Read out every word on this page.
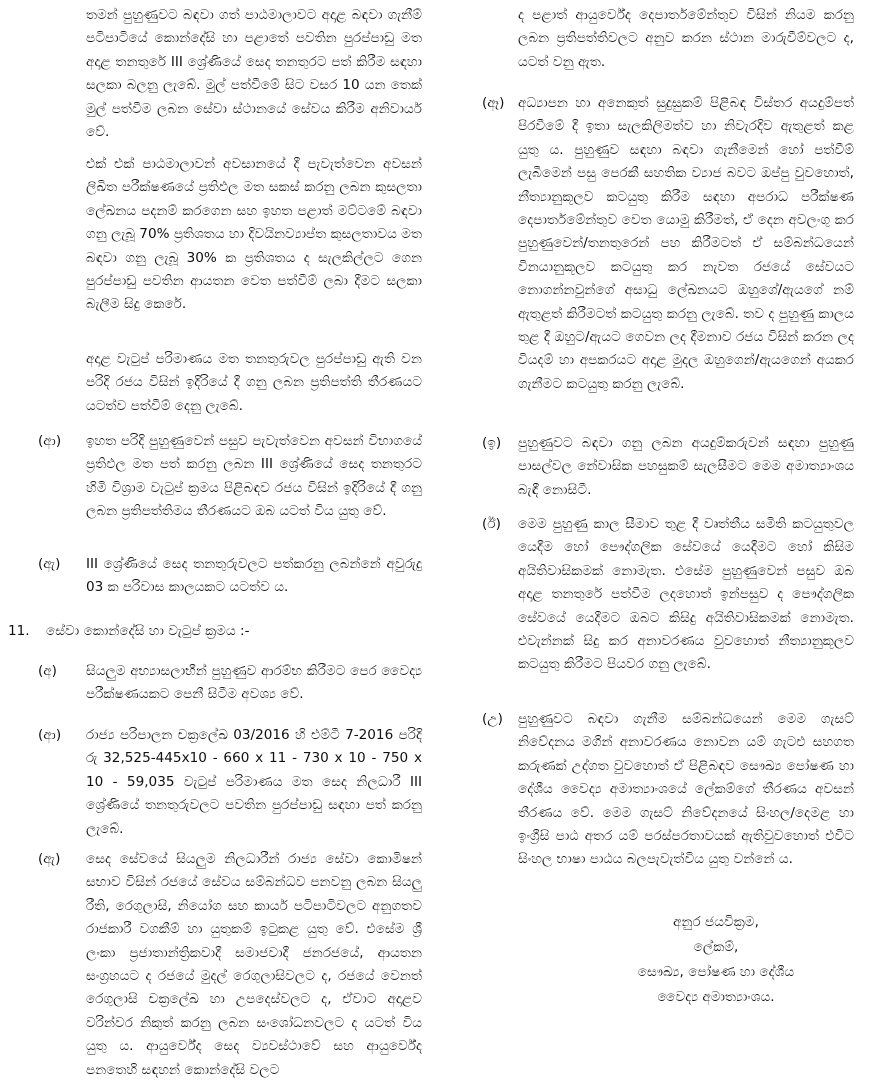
තමන් පුහුණුවට බඳවා ගත් පාඨමාලාවට අදාළ බඳවා ගැනීම් පටිපාටියේ කොන්දේසි හා පළාතේ පවතින පුරප්පාඩු මත අදාළ තනතුරේ III ශ්‍රේණියේ සෙද තනතුරට පත් කිරීම සඳහා සලකා බලනු ලැබේ. මුල් පත්වීමේ සිට වසර 10 යන තෙක් මුල් පත්වීම ලබන සේවා ස්ථානයේ සේවය කිරීම අනිවාර්ය වේ.

එක් එක් පාඨමාලාවන් අවසානයේ දී පැවැත්වෙන අවසන් ලිඛිත පරීක්ෂණයේ ප්‍රතිඵල මත සකස් කරනු ලබන කුසලතා ලේඛනය පදනම් කරගෙන සහ ඉහත පළාත් මට්ටමේ බඳවා ගනු ලැබූ 70% ප්‍රතිශතය හා දිවයිනව්‍යාප්ත කුසලතාවය මත බඳවා ගනු ලැබූ 30% ක ප්‍රතිශතය ද සැලකිල්ලට ගෙන පුරප්පාඩු පවතින ආයතන වෙත පත්වීම් ලබා දීමට සලකා බැලීම සිදු කෙරේ.

අදාළ වැටුප් පරිමාණය මත තනතුරුවල පුරප්පාඩු ඇති වන පරිදි රජය විසින් ඉදිරියේ දී ගනු ලබන ප්‍රතිපත්ති තීරණයට යටත්ව පත්වීම් දෙනු ලැබේ.

(ආ) ඉහත පරිදි පුහුණුවෙන් පසුව පැවැත්වෙන අවසන් විභාගයේ ප්‍රතිඵල මත පත් කරනු ලබන III ශ්‍රේණියේ සෙද තනතුරට හිමි විශ්‍රාම වැටුප් ක්‍රමය පිළිබඳව රජය විසින් ඉදිරියේ දී ගනු ලබන ප්‍රතිපත්තිමය තීරණයට ඔබ යටත් විය යුතු වේ.

(ඇ) III ශ්‍රේණියේ සෙද තනතුරුවලට පත්කරනු ලබන්නේ අවුරුදු 03 ක පරිවාස කාලයකට යටත්ව ය.

11. සේවා කොන්දේසි හා වැටුප් ක්‍රමය :-
(අ) සියලුම අභ්‍යාසලාභීන් පුහුණුව ආරම්භ කිරීමට පෙර වෛද්‍ය පරීක්ෂණයකට පෙනී සිටීම අවශ්‍ය වේ.

(ආ) රාජ්‍ය පරිපාලන චක්‍රලේඛ 03/2016 හි එම්ටී 7-2016 පරිදි රු 32,525-445x10 - 660 x 11 - 730 x 10 - 750 x 10 - 59,035 වැටුප් පරිමාණය මත සෙද නිලධාරී III ශ්‍රේණියේ තනතුරුවලට පවතින පුරප්පාඩු සඳහා පත් කරනු ලැබේ.

(ඇ) සෙද සේවයේ සියලුම නිලධාරීන් රාජ්‍ය සේවා කොමිෂන් සභාව විසින් රජයේ සේවය සම්බන්ධව පනවනු ලබන සියලු රීති, රෙගුලාසි, නියෝග සහ කාර්ය පටිපාටිවලට අනුගතව රාජකාරී වගකීම් හා යුතුකම් ඉටුකළ යුතු වේ. එසේම ශ්‍රී ලංකා ප්‍රජාතාන්ත්‍රිකවාදී සමාජවාදී ජනරජයේ, ආයතන සංග්‍රහයට ද රජයේ මුදල් රෙගුලාසිවලට ද, රජයේ වෙනත් රෙගුලාසි චක්‍රලේඛ හා උපදෙස්වලට ද, ඒවාට අදාළව වරින්වර නිකුත් කරනු ලබන සංශෝධනවලට ද යටත් විය යුතු ය. ආයුර්වේද සෙද ව්‍යවස්ථාවේ සහ ආයුර්වේද පනතෙහි සඳහන් කොන්දේසි වලට

ද පළාත් ආයුර්වේද දෙපාර්තමේන්තුව විසින් නියම කරනු ලබන ප්‍රතිපත්තිවලට අනුව කරන ස්ථාන මාරුවීම්වලට ද, යටත් වනු ඇත.

(ඈ) අධ්‍යාපන හා අනෙකුත් සුදුසුකම් පිළිබඳ විස්තර අයදුම්පත් පිරවීමේ දී ඉතා සැලකිලිමත්ව හා නිවැරදිව ඇතුළත් කළ යුතු ය. පුහුණුව සඳහා බඳවා ගැනීමෙන් හෝ පත්වීම් ලැබීමෙන් පසු පෙරකී සහතික ව්‍යාජ බවට ඔප්පු වුවහොත්, නීත්‍යානුකූලව කටයුතු කිරීම සඳහා අපරාධ පරීක්ෂණ දෙපාර්තමේන්තුව වෙත යොමු කිරීමත්, ඒ දෙන අවලංගු කර පුහුණුවෙන්/තනතුරෙන් පහ කිරීමටත් ඒ සම්බන්ධයෙන් විනයානුකූලව කටයුතු කර නැවත රජයේ සේවයට නොගන්නවුන්ගේ අසාධු ලේඛනයට ඔහුගේ/ඇයගේ නම් ඇතුළත් කිරීමටත් කටයුතු කරනු ලැබේ. තව ද පුහුණු කාලය තුළ දී ඔහුට/ඇයට ගෙවන ලද දීමනාව රජය විසින් කරන ලද වියදම් හා අපකරයට අදාළ මුදල ඔහුගෙන්/ඇයගෙන් අයකර ගැනීමට කටයුතු කරනු ලැබේ.

(ඉ) පුහුණුවට බඳවා ගනු ලබන අයදුම්කරුවන් සඳහා පුහුණු පාසල්වල නේවාසික පහසුකම් සැලසීමට මෙම අමාත්‍යාංශය බැඳී නොසිටී.

(ඊ) මෙම පුහුණු කාල සීමාව තුළ දී වෘත්තීය සමිති කටයුතුවල යෙදීම හෝ පෞද්ගලික සේවයේ යෙදීමට හෝ කිසිම අයිතිවාසිකමක් නොමැත. එසේම පුහුණුවෙන් පසුව ඔබ අදාළ තනතුරේ පත්වීම ලදහොත් ඉන්පසුව ද පෞද්ගලික සේවයේ යෙදීමට ඔබට කිසිදු අයිතිවාසිකමක් නොමැත. එවැන්නක් සිදු කර අනාවරණය වුවහොත් නීත්‍යානුකූලව කටයුතු කිරීමට පියවර ගනු ලැබේ.

(උ) පුහුණුවට බඳවා ගැනීම සම්බන්ධයෙන් මෙම ගැසට් නිවේදනය මගින් අනාවරණය නොවන යම් ගැටළු සහගත කරුණක් උද්ගත වුවහොත් ඒ පිළිබඳව සෞඛ්‍ය පෝෂණ හා දේශීය වෛද්‍ය අමාත්‍යාංශයේ ලේකම්ගේ තීරණය අවසන් තීරණය වේ. මෙම ගැසට් නිවේදනයේ සිංහල/දෙමළ හා ඉංග්‍රීසි පාඨ අතර යම් පරස්පරතාවයක් ඇතිවුවහොත් එවිට සිංහල භාෂා පාඨය බලපැවැත්විය යුතු වන්නේ ය.

අනුර ජයවික්‍රම,
ලේකම්,
සෞඛ්‍ය, පෝෂණ හා දේශීය
වෛද්‍ය අමාත්‍යාංශය.
